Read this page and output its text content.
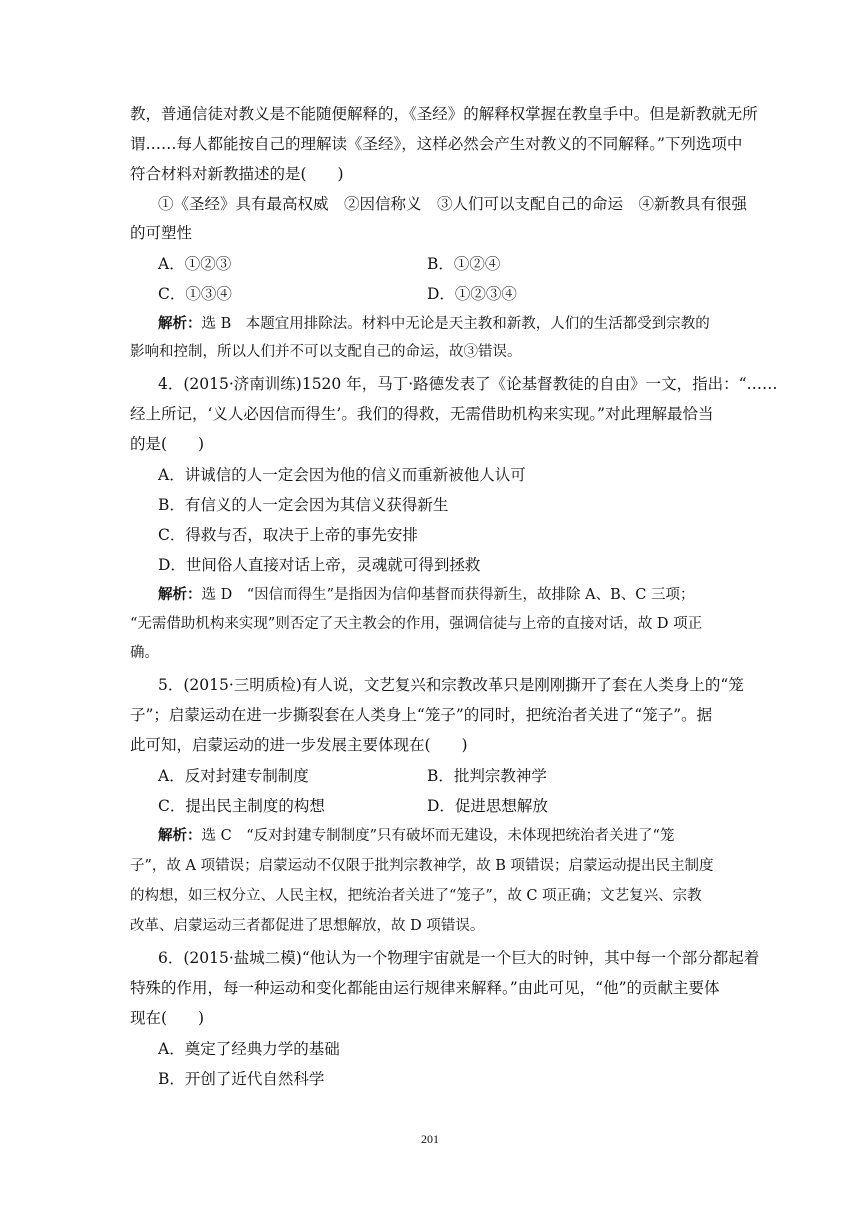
教，普通信徒对教义是不能随便解释的，《圣经》的解释权掌握在教皇手中。但是新教就无所
谓……每人都能按自己的理解读《圣经》，这样必然会产生对教义的不同解释。”下列选项中
符合材料对新教描述的是(　　)
①《圣经》具有最高权威　②因信称义　③人们可以支配自己的命运　④新教具有很强
的可塑性
A．①②③	B．①②④
C．①③④	D．①②③④
解析：选 B　本题宜用排除法。材料中无论是天主教和新教，人们的生活都受到宗教的
影响和控制，所以人们并不可以支配自己的命运，故③错误。
4．(2015·济南训练)1520 年，马丁·路德发表了《论基督教徒的自由》一文，指出：“……
经上所记，‘义人必因信而得生’。我们的得救，无需借助机构来实现。”对此理解最恰当
的是(　　)
A．讲诚信的人一定会因为他的信义而重新被他人认可
B．有信义的人一定会因为其信义获得新生
C．得救与否，取决于上帝的事先安排
D．世间俗人直接对话上帝，灵魂就可得到拯救
解析：选 D　“因信而得生”是指因为信仰基督而获得新生，故排除 A、B、C 三项；
“无需借助机构来实现”则否定了天主教会的作用，强调信徒与上帝的直接对话，故 D 项正
确。
5．(2015·三明质检)有人说，文艺复兴和宗教改革只是刚刚撕开了套在人类身上的“笼
子”；启蒙运动在进一步撕裂套在人类身上“笼子”的同时，把统治者关进了“笼子”。据
此可知，启蒙运动的进一步发展主要体现在(　　)
A．反对封建专制制度	B．批判宗教神学
C．提出民主制度的构想	D．促进思想解放
解析：选 C　“反对封建专制制度”只有破坏而无建设，未体现把统治者关进了“笼
子”，故 A 项错误；启蒙运动不仅限于批判宗教神学，故 B 项错误；启蒙运动提出民主制度
的构想，如三权分立、人民主权，把统治者关进了“笼子”，故 C 项正确；文艺复兴、宗教
改革、启蒙运动三者都促进了思想解放，故 D 项错误。
6．(2015·盐城二模)“他认为一个物理宇宙就是一个巨大的时钟，其中每一个部分都起着
特殊的作用，每一种运动和变化都能由运行规律来解释。”由此可见，“他”的贡献主要体
现在(　　)
A．奠定了经典力学的基础
B．开创了近代自然科学
201
